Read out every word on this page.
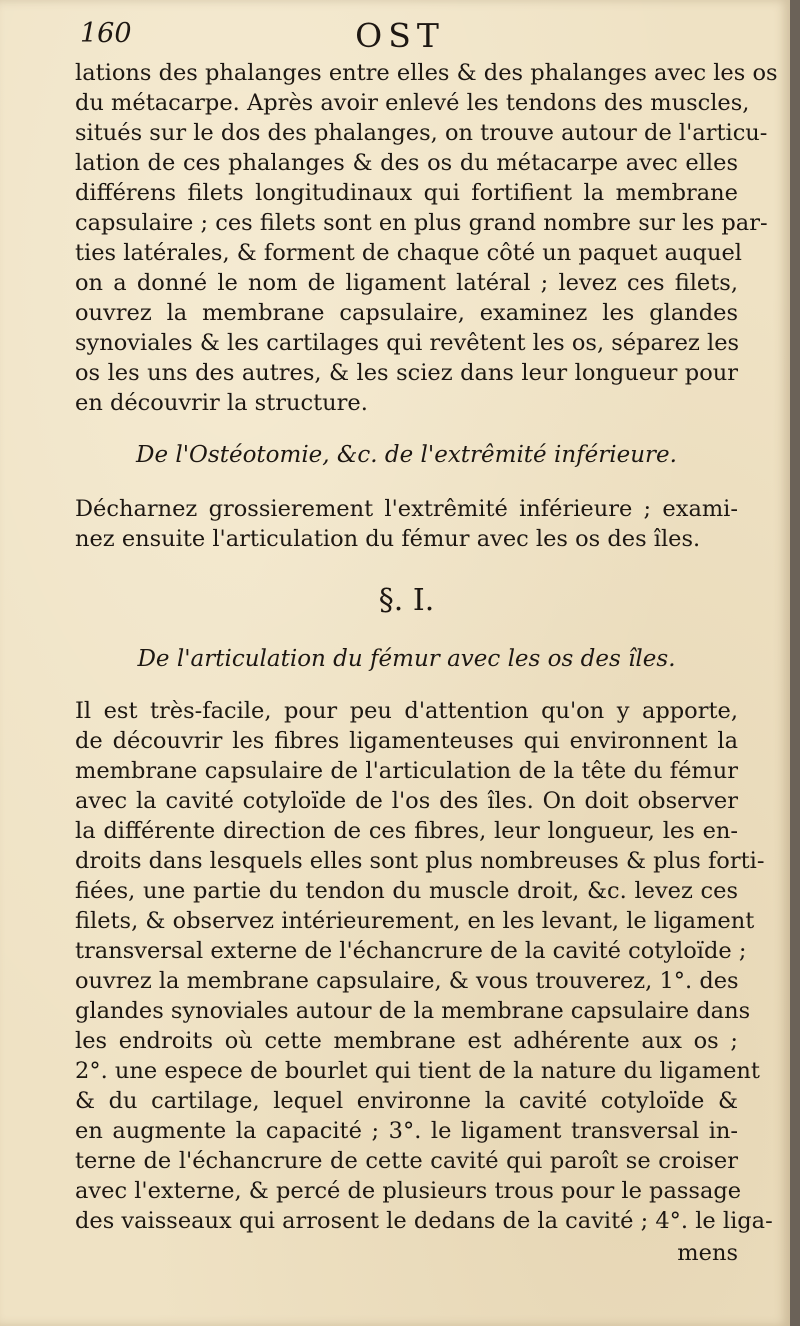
160	OST
lations des phalanges entre elles & des phalanges avec les os
du métacarpe. Après avoir enlevé les tendons des muscles,
situés sur le dos des phalanges, on trouve autour de l'articu-
lation de ces phalanges & des os du métacarpe avec elles
différens filets longitudinaux qui fortifient la membrane
capsulaire ; ces filets sont en plus grand nombre sur les par-
ties latérales, & forment de chaque côté un paquet auquel
on a donné le nom de ligament latéral ; levez ces filets,
ouvrez la membrane capsulaire, examinez les glandes
synoviales & les cartilages qui revêtent les os, séparez les
os les uns des autres, & les sciez dans leur longueur pour
en découvrir la structure.
De l'Ostéotomie, &c. de l'extrêmité inférieure.
Décharnez grossierement l'extrêmité inférieure ; exami-
nez ensuite l'articulation du fémur avec les os des îles.
§. I.
De l'articulation du fémur avec les os des îles.
Il est très-facile, pour peu d'attention qu'on y apporte,
de découvrir les fibres ligamenteuses qui environnent la
membrane capsulaire de l'articulation de la tête du fémur
avec la cavité cotyloïde de l'os des îles. On doit observer
la différente direction de ces fibres, leur longueur, les en-
droits dans lesquels elles sont plus nombreuses & plus forti-
fiées, une partie du tendon du muscle droit, &c. levez ces
filets, & observez intérieurement, en les levant, le ligament
transversal externe de l'échancrure de la cavité cotyloïde ;
ouvrez la membrane capsulaire, & vous trouverez, 1°. des
glandes synoviales autour de la membrane capsulaire dans
les endroits où cette membrane est adhérente aux os ;
2°. une espece de bourlet qui tient de la nature du ligament
& du cartilage, lequel environne la cavité cotyloïde &
en augmente la capacité ; 3°. le ligament transversal in-
terne de l'échancrure de cette cavité qui paroît se croiser
avec l'externe, & percé de plusieurs trous pour le passage
des vaisseaux qui arrosent le dedans de la cavité ; 4°. le liga-
mens
